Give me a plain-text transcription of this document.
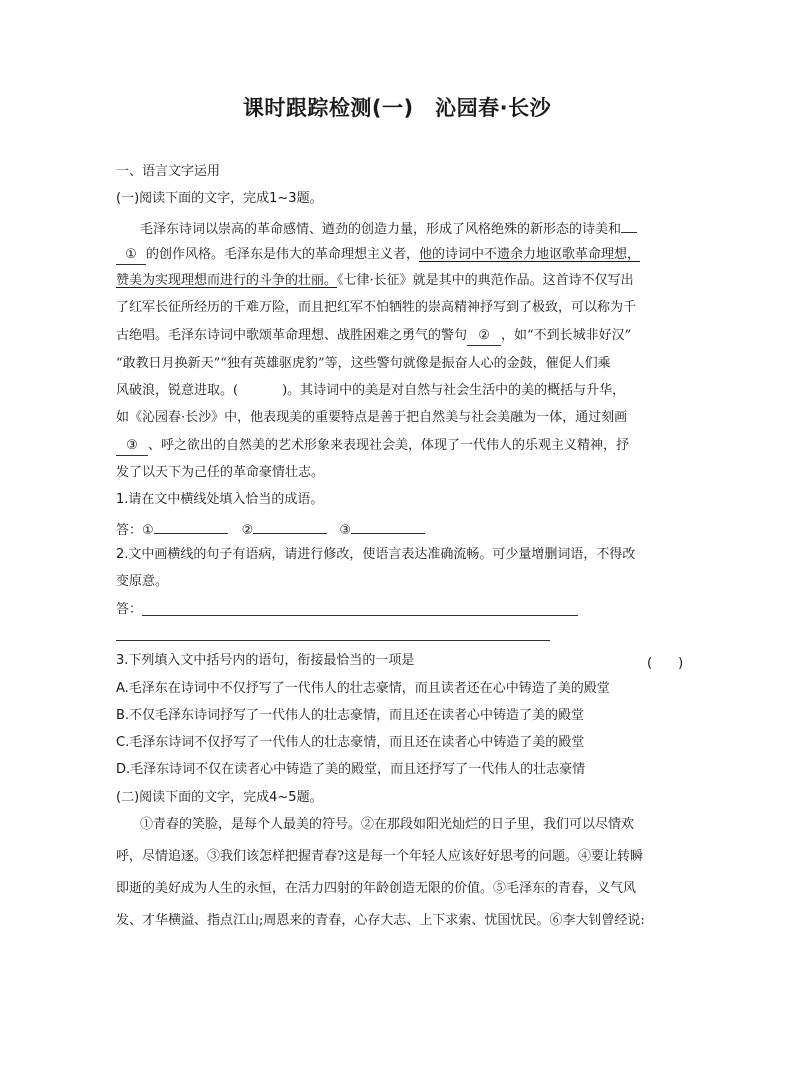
课时跟踪检测(一)　沁园春·长沙
一、语言文字运用
(一)阅读下面的文字，完成1~3题。
毛泽东诗词以崇高的革命感情、遒劲的创造力量，形成了风格绝殊的新形态的诗美和
① 的创作风格。毛泽东是伟大的革命理想主义者，他的诗词中不遗余力地讴歌革命理想，
赞美为实现理想而进行的斗争的壮丽。《七律·长征》就是其中的典范作品。这首诗不仅写出
了红军长征所经历的千难万险，而且把红军不怕牺牲的崇高精神抒写到了极致，可以称为千
古绝唱。毛泽东诗词中歌颂革命理想、战胜困难之勇气的警句 ② ，如“不到长城非好汉”
“敢教日月换新天”“独有英雄驱虎豹”等，这些警句就像是振奋人心的金鼓，催促人们乘
风破浪，锐意进取。(	)。其诗词中的美是对自然与社会生活中的美的概括与升华，
如《沁园春·长沙》中，他表现美的重要特点是善于把自然美与社会美融为一体，通过刻画
③ 、呼之欲出的自然美的艺术形象来表现社会美，体现了一代伟人的乐观主义精神，抒
发了以天下为己任的革命豪情壮志。
1.请在文中横线处填入恰当的成语。
答：①	②	③
2.文中画横线的句子有语病，请进行修改，使语言表达准确流畅。可少量增删词语，不得改
变原意。
答：
3.下列填入文中括号内的语句，衔接最恰当的一项是	(　　)
A.毛泽东在诗词中不仅抒写了一代伟人的壮志豪情，而且读者还在心中铸造了美的殿堂
B.不仅毛泽东诗词抒写了一代伟人的壮志豪情，而且还在读者心中铸造了美的殿堂
C.毛泽东诗词不仅抒写了一代伟人的壮志豪情，而且还在读者心中铸造了美的殿堂
D.毛泽东诗词不仅在读者心中铸造了美的殿堂，而且还抒写了一代伟人的壮志豪情
(二)阅读下面的文字，完成4~5题。
①青春的笑脸，是每个人最美的符号。②在那段如阳光灿烂的日子里，我们可以尽情欢
呼，尽情追逐。③我们该怎样把握青春?这是每一个年轻人应该好好思考的问题。④要让转瞬
即逝的美好成为人生的永恒，在活力四射的年龄创造无限的价值。⑤毛泽东的青春，义气风
发、才华横溢、指点江山;周恩来的青春，心存大志、上下求索、忧国忧民。⑥李大钊曾经说:
